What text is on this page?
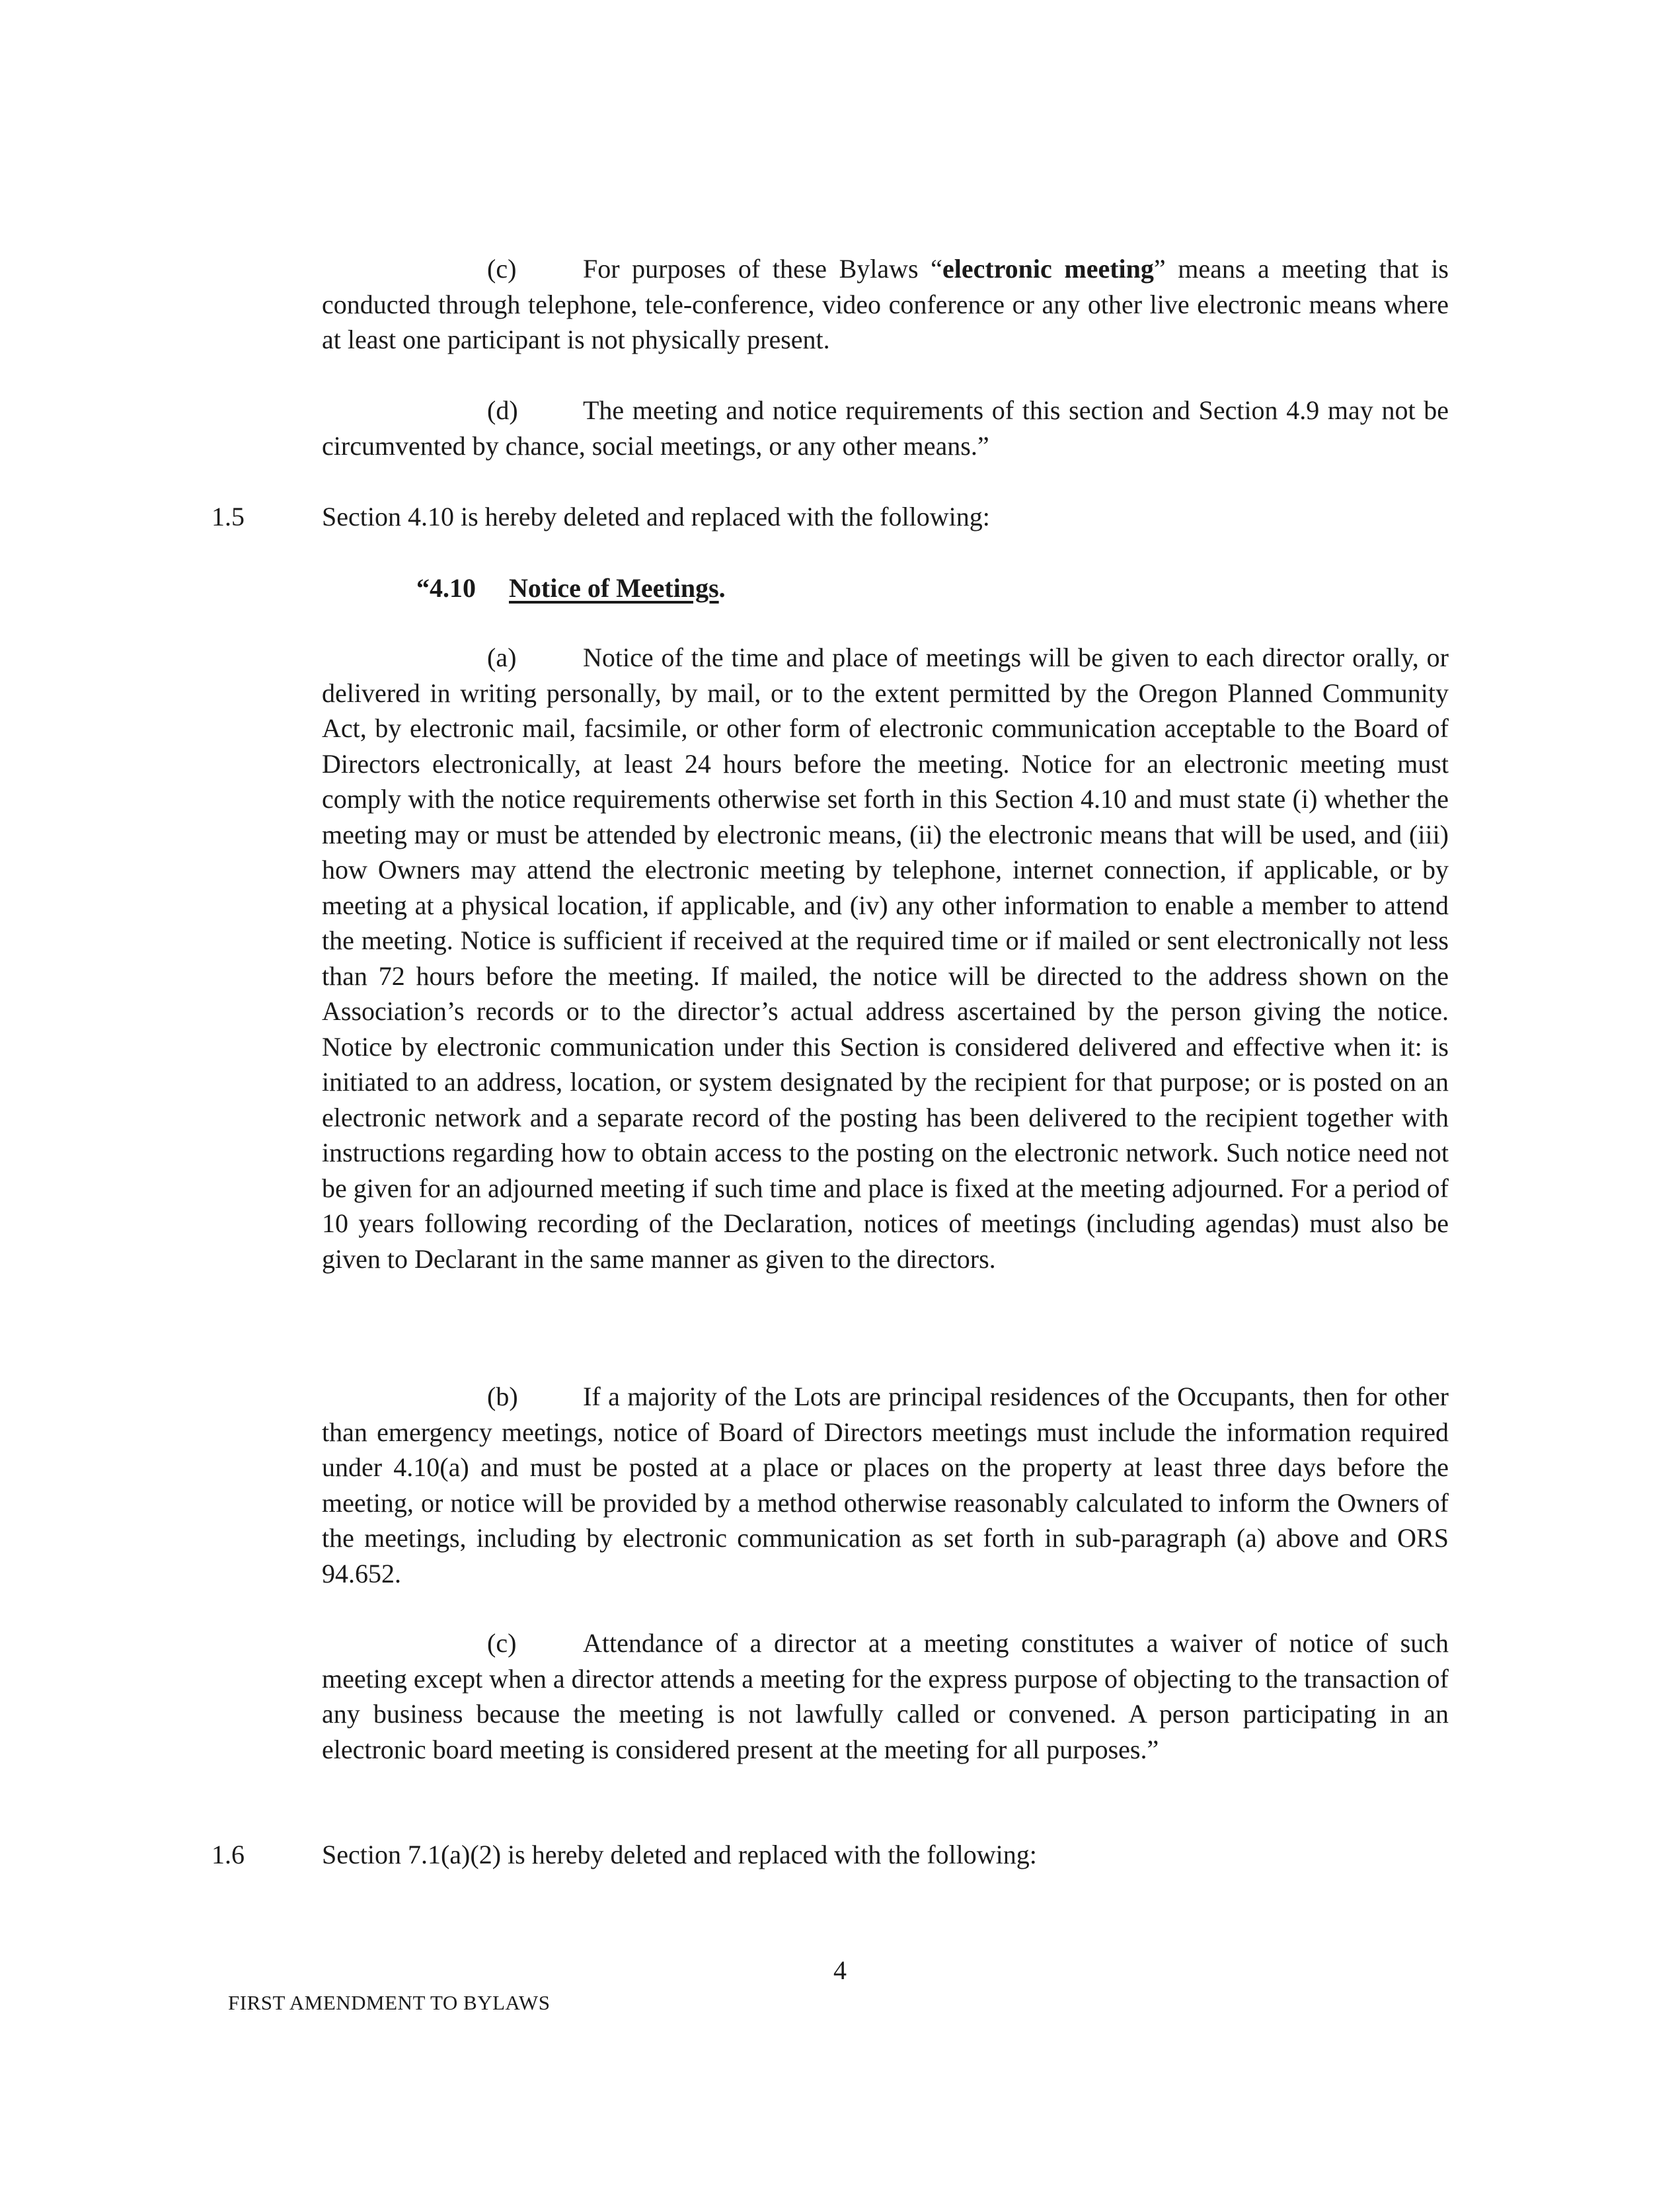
(c)	For purposes of these Bylaws “electronic meeting” means a meeting that is conducted through telephone, tele-conference, video conference or any other live electronic means where at least one participant is not physically present.

(d) The meeting and notice requirements of this section and Section 4.9 may not be circumvented by chance, social meetings, or any other means.”

1.5	Section 4.10 is hereby deleted and replaced with the following:
“4.10 Notice of Meetings.

(a)	Notice of the time and place of meetings will be given to each director orally, or delivered in writing personally, by mail, or to the extent permitted by the Oregon Planned Community Act, by electronic mail, facsimile, or other form of electronic communication acceptable to the Board of Directors electronically, at least 24 hours before the meeting. Notice for an electronic meeting must comply with the notice requirements otherwise set forth in this Section 4.10 and must state (i) whether the meeting may or must be attended by electronic means, (ii) the electronic means that will be used, and (iii) how Owners may attend the electronic meeting by telephone, internet connection, if applicable, or by meeting at a physical location, if applicable, and (iv) any other information to enable a member to attend the meeting. Notice is sufficient if received at the required time or if mailed or sent electronically not less than 72 hours before the meeting. If mailed, the notice will be directed to the address shown on the Association’s records or to the director’s actual address ascertained by the person giving the notice. Notice by electronic communication under this Section is considered delivered and effective when it: is initiated to an address, location, or system designated by the recipient for that purpose; or is posted on an electronic network and a separate record of the posting has been delivered to the recipient together with instructions regarding how to obtain access to the posting on the electronic network. Such notice need not be given for an adjourned meeting if such time and place is fixed at the meeting adjourned. For a period of 10 years following recording of the Declaration, notices of meetings (including agendas) must also be given to Declarant in the same manner as given to the directors.

(b) If a majority of the Lots are principal residences of the Occupants, then for other than emergency meetings, notice of Board of Directors meetings must include the information required under 4.10(a) and must be posted at a place or places on the property at least three days before the meeting, or notice will be provided by a method otherwise reasonably calculated to inform the Owners of the meetings, including by electronic communication as set forth in sub-paragraph (a) above and ORS 94.652.

(c)	Attendance of a director at a meeting constitutes a waiver of notice of such meeting except when a director attends a meeting for the express purpose of objecting to the transaction of any business because the meeting is not lawfully called or convened. A person participating in an electronic board meeting is considered present at the meeting for all purposes.”

1.6	Section 7.1(a)(2) is hereby deleted and replaced with the following:
4
FIRST AMENDMENT TO BYLAWS
